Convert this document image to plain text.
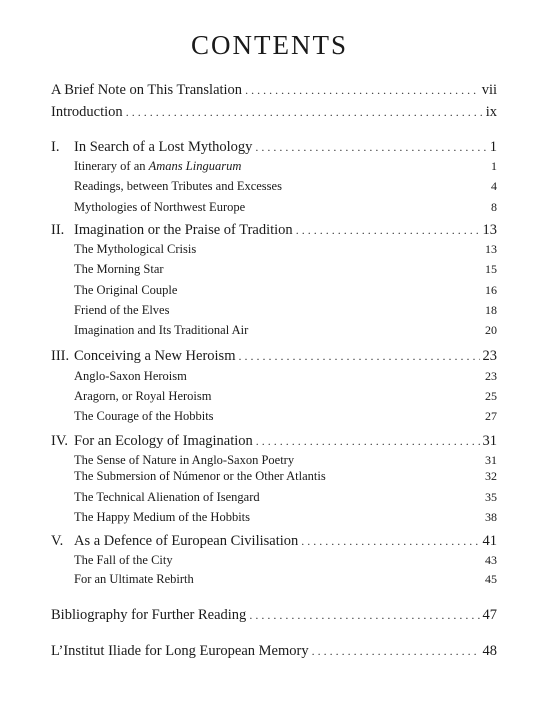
CONTENTS
A Brief Note on This Translation . . .	vii
Introduction . . .	ix
I.	In Search of a Lost Mythology . . .	1
Itinerary of an Amans Linguarum	1
Readings, between Tributes and Excesses	4
Mythologies of Northwest Europe	8
II. Imagination or the Praise of Tradition . . .	13
The Mythological Crisis	13
The Morning Star	15
The Original Couple	16
Friend of the Elves	18
Imagination and Its Traditional Air	20
III. Conceiving a New Heroism . . .	23
Anglo-Saxon Heroism	23
Aragorn, or Royal Heroism	25
The Courage of the Hobbits	27
IV. For an Ecology of Imagination . . .	31
The Sense of Nature in Anglo-Saxon Poetry	31
The Submersion of Númenor or the Other Atlantis	32
The Technical Alienation of Isengard	35
The Happy Medium of the Hobbits	38
V. As a Defence of European Civilisation . . .	41
The Fall of the City	43
For an Ultimate Rebirth	45
Bibliography for Further Reading . . .	47
L’Institut Iliade for Long European Memory . . .	48
